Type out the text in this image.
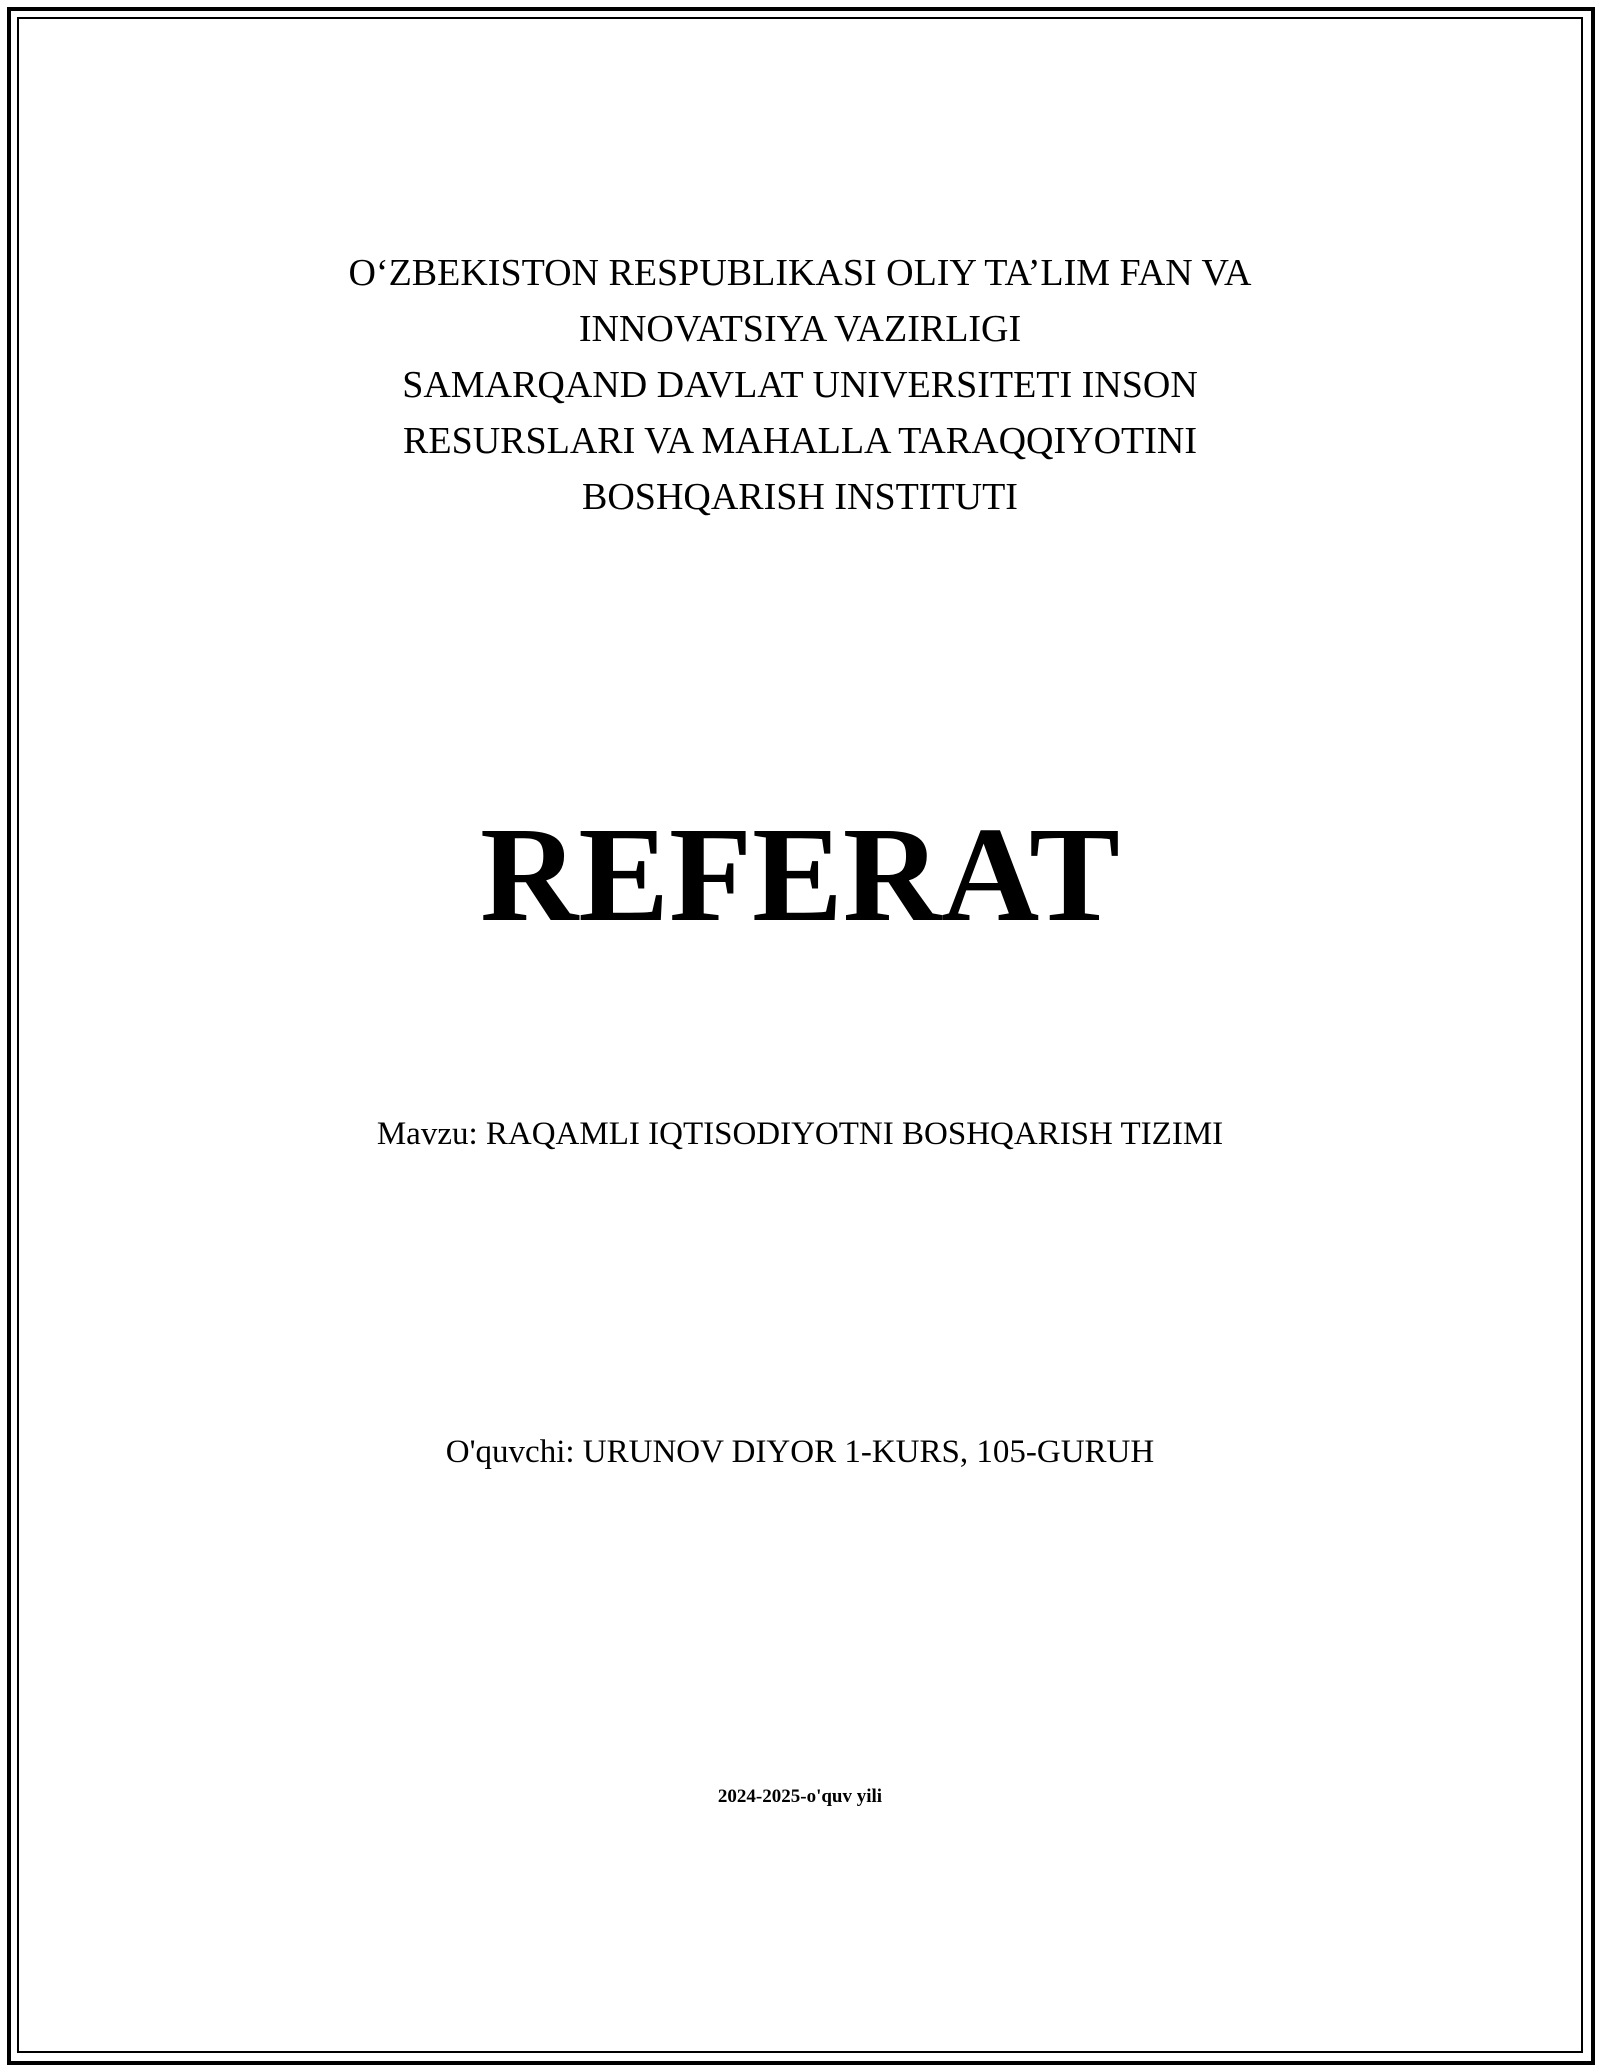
O‘ZBEKISTON RESPUBLIKASI OLIY TA’LIM FAN VA
INNOVATSIYA VAZIRLIGI
SAMARQAND DAVLAT UNIVERSITETI INSON
RESURSLARI VA MAHALLA TARAQQIYOTINI
BOSHQARISH INSTITUTI
REFERAT
Mavzu: RAQAMLI IQTISODIYOTNI BOSHQARISH TIZIMI
O'quvchi: URUNOV DIYOR 1-KURS, 105-GURUH
2024-2025-o'quv yili
